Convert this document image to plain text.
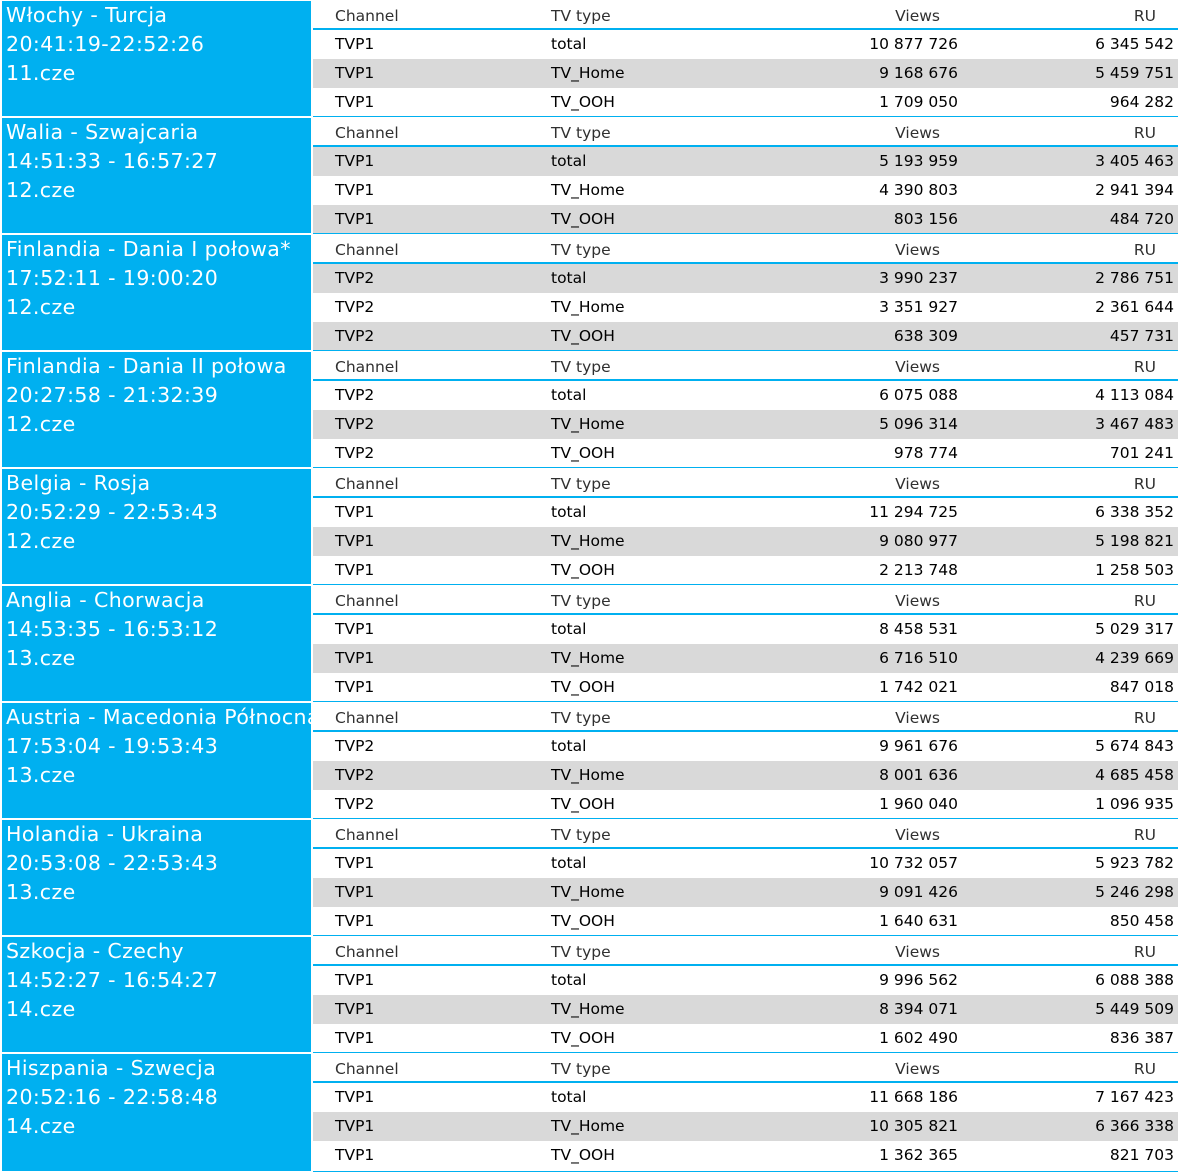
Włochy - Turcja
20:41:19-22:52:26
11.cze
Channel	TV type	Views	RU
TVP1	total	10 877 726	6 345 542
TVP1	TV_Home	9 168 676	5 459 751
TVP1	TV_OOH	1 709 050	964 282
Walia - Szwajcaria
14:51:33 - 16:57:27
12.cze
Channel	TV type	Views	RU
TVP1	total	5 193 959	3 405 463
TVP1	TV_Home	4 390 803	2 941 394
TVP1	TV_OOH	803 156	484 720
Finlandia - Dania I połowa*
17:52:11 - 19:00:20
12.cze
Channel	TV type	Views	RU
TVP2	total	3 990 237	2 786 751
TVP2	TV_Home	3 351 927	2 361 644
TVP2	TV_OOH	638 309	457 731
Finlandia - Dania II połowa
20:27:58 - 21:32:39
12.cze
Channel	TV type	Views	RU
TVP2	total	6 075 088	4 113 084
TVP2	TV_Home	5 096 314	3 467 483
TVP2	TV_OOH	978 774	701 241
Belgia - Rosja
20:52:29 - 22:53:43
12.cze
Channel	TV type	Views	RU
TVP1	total	11 294 725	6 338 352
TVP1	TV_Home	9 080 977	5 198 821
TVP1	TV_OOH	2 213 748	1 258 503
Anglia - Chorwacja
14:53:35 - 16:53:12
13.cze
Channel	TV type	Views	RU
TVP1	total	8 458 531	5 029 317
TVP1	TV_Home	6 716 510	4 239 669
TVP1	TV_OOH	1 742 021	847 018
Austria - Macedonia Północna
17:53:04 - 19:53:43
13.cze
Channel	TV type	Views	RU
TVP2	total	9 961 676	5 674 843
TVP2	TV_Home	8 001 636	4 685 458
TVP2	TV_OOH	1 960 040	1 096 935
Holandia - Ukraina
20:53:08 - 22:53:43
13.cze
Channel	TV type	Views	RU
TVP1	total	10 732 057	5 923 782
TVP1	TV_Home	9 091 426	5 246 298
TVP1	TV_OOH	1 640 631	850 458
Szkocja - Czechy
14:52:27 - 16:54:27
14.cze
Channel	TV type	Views	RU
TVP1	total	9 996 562	6 088 388
TVP1	TV_Home	8 394 071	5 449 509
TVP1	TV_OOH	1 602 490	836 387
Hiszpania - Szwecja
20:52:16 - 22:58:48
14.cze
Channel	TV type	Views	RU
TVP1	total	11 668 186	7 167 423
TVP1	TV_Home	10 305 821	6 366 338
TVP1	TV_OOH	1 362 365	821 703
